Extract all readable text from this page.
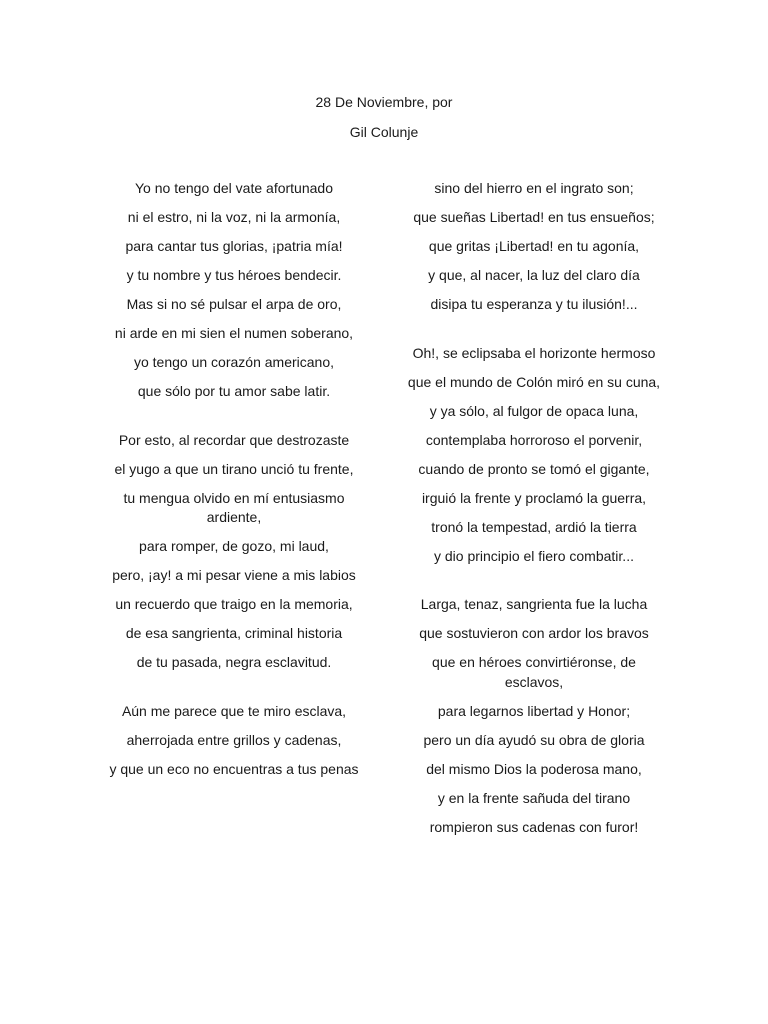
28 De Noviembre, por

Gil Colunje

Yo no tengo del vate afortunado
ni el estro, ni la voz, ni la armonía,
para cantar tus glorias, ¡patria mía!
y tu nombre y tus héroes bendecir.
Mas si no sé pulsar el arpa de oro,
ni arde en mi sien el numen soberano,
yo tengo un corazón americano,
que sólo por tu amor sabe latir.
Por esto, al recordar que destrozaste
el yugo a que un tirano unció tu frente,
tu mengua olvido en mí entusiasmo ardiente,
para romper, de gozo, mi laud,
pero, ¡ay! a mi pesar viene a mis labios
un recuerdo que traigo en la memoria,
de esa sangrienta, criminal historia
de tu pasada, negra esclavitud.
Aún me parece que te miro esclava,
aherrojada entre grillos y cadenas,
y que un eco no encuentras a tus penas
sino del hierro en el ingrato son;
que sueñas Libertad! en tus ensueños;
que gritas ¡Libertad! en tu agonía,
y que, al nacer, la luz del claro día
disipa tu esperanza y tu ilusión!...
Oh!, se eclipsaba el horizonte hermoso
que el mundo de Colón miró en su cuna,
y ya sólo, al fulgor de opaca luna,
contemplaba horroroso el porvenir,
cuando de pronto se tomó el gigante,
irguió la frente y proclamó la guerra,
tronó la tempestad, ardió la tierra
y dio principio el fiero combatir...
Larga, tenaz, sangrienta fue la lucha
que sostuvieron con ardor los bravos
que en héroes convirtiéronse, de esclavos,
para legarnos libertad y Honor;
pero un día ayudó su obra de gloria
del mismo Dios la poderosa mano,
y en la frente sañuda del tirano
rompieron sus cadenas con furor!
